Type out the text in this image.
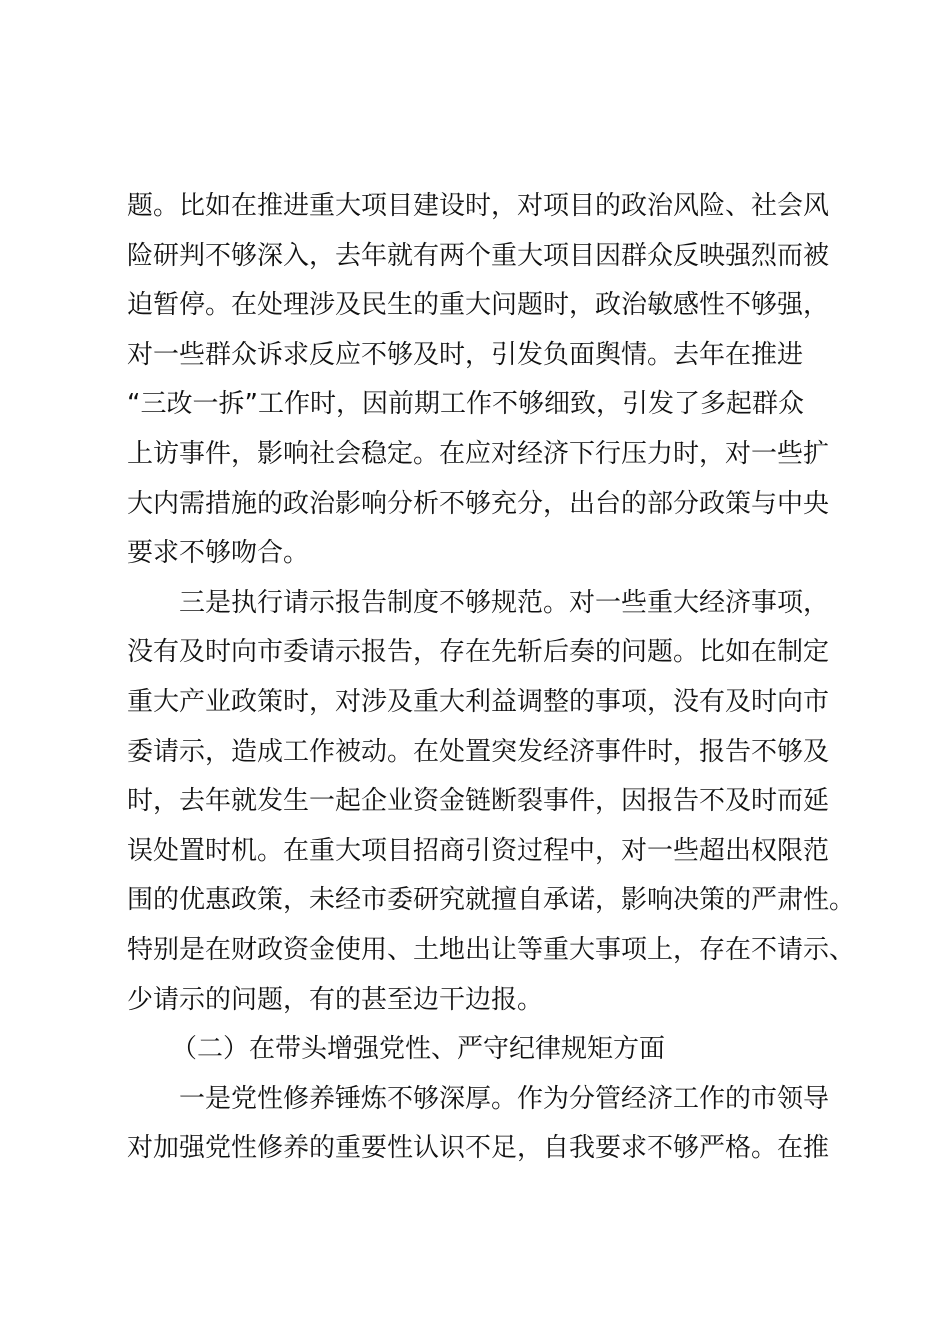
题。比如在推进重大项目建设时，对项目的政治风险、社会风
险研判不够深入，去年就有两个重大项目因群众反映强烈而被
迫暂停。在处理涉及民生的重大问题时，政治敏感性不够强，
对一些群众诉求反应不够及时，引发负面舆情。去年在推进
“三改一拆”工作时，因前期工作不够细致，引发了多起群众
上访事件，影响社会稳定。在应对经济下行压力时，对一些扩
大内需措施的政治影响分析不够充分，出台的部分政策与中央
要求不够吻合。
三是执行请示报告制度不够规范。对一些重大经济事项，
没有及时向市委请示报告，存在先斩后奏的问题。比如在制定
重大产业政策时，对涉及重大利益调整的事项，没有及时向市
委请示，造成工作被动。在处置突发经济事件时，报告不够及
时，去年就发生一起企业资金链断裂事件，因报告不及时而延
误处置时机。在重大项目招商引资过程中，对一些超出权限范
围的优惠政策，未经市委研究就擅自承诺，影响决策的严肃性。
特别是在财政资金使用、土地出让等重大事项上，存在不请示、
少请示的问题，有的甚至边干边报。
（二）在带头增强党性、严守纪律规矩方面
一是党性修养锤炼不够深厚。作为分管经济工作的市领导
对加强党性修养的重要性认识不足，自我要求不够严格。在推
